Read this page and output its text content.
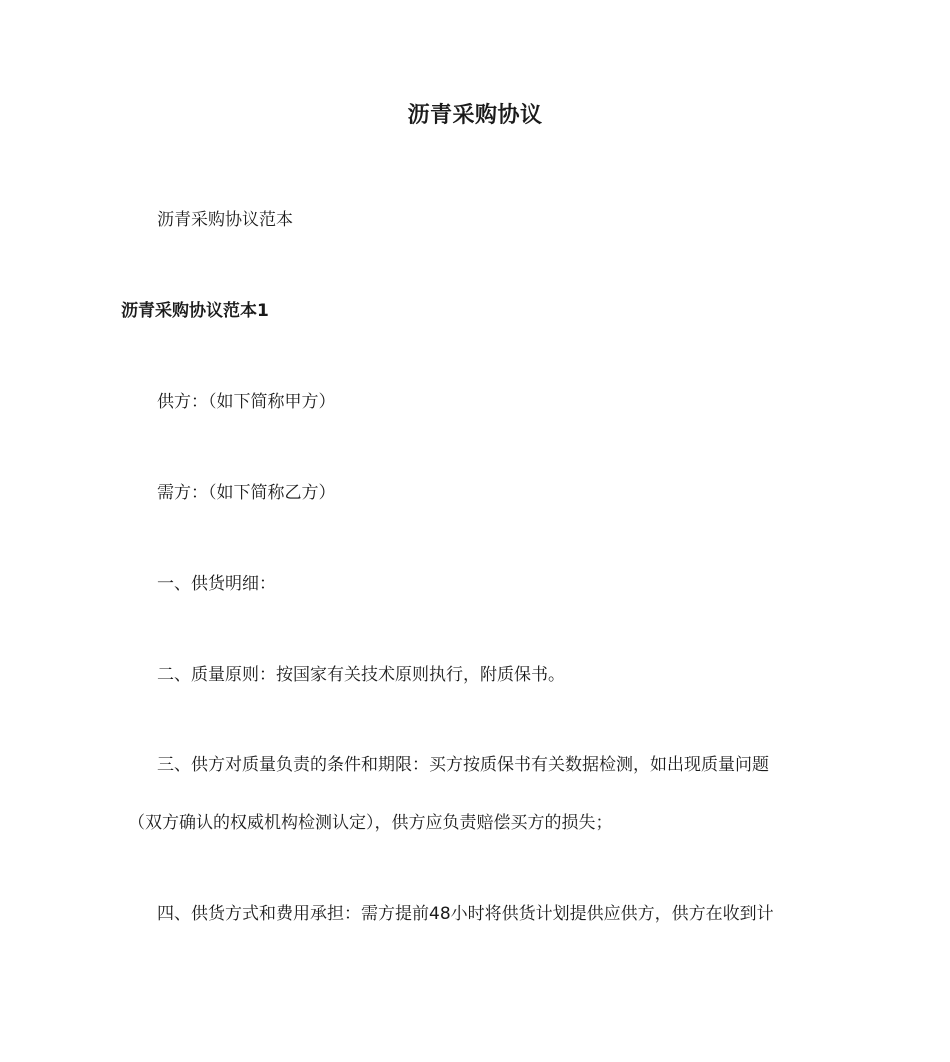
沥青采购协议
沥青采购协议范本
沥青采购协议范本1
供方：（如下简称甲方）
需方：（如下简称乙方）
一、供货明细：
二、质量原则：按国家有关技术原则执行，附质保书。
三、供方对质量负责的条件和期限：买方按质保书有关数据检测，如出现质量问题
（双方确认的权威机构检测认定），供方应负责赔偿买方的损失；
四、供货方式和费用承担：需方提前48小时将供货计划提供应供方，供方在收到计
